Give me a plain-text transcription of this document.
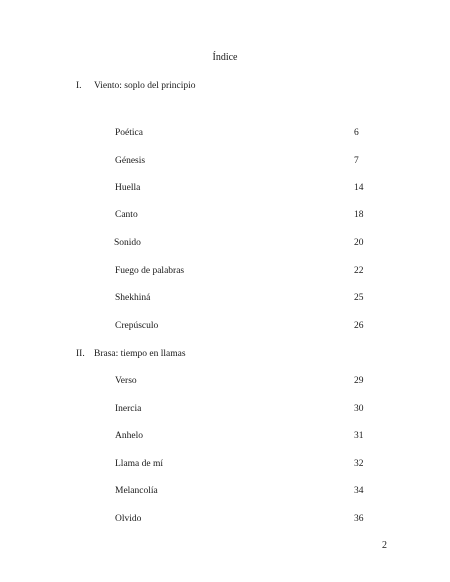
Índice
I. Viento: soplo del principio
Poética	6
Génesis	7
Huella	14
Canto	18
Sonido	20
Fuego de palabras	22
Shekhiná	25
Crepúsculo	26
II. Brasa: tiempo en llamas
Verso	29
Inercia	30
Anhelo	31
Llama de mí	32
Melancolía	34
Olvido	36
2
